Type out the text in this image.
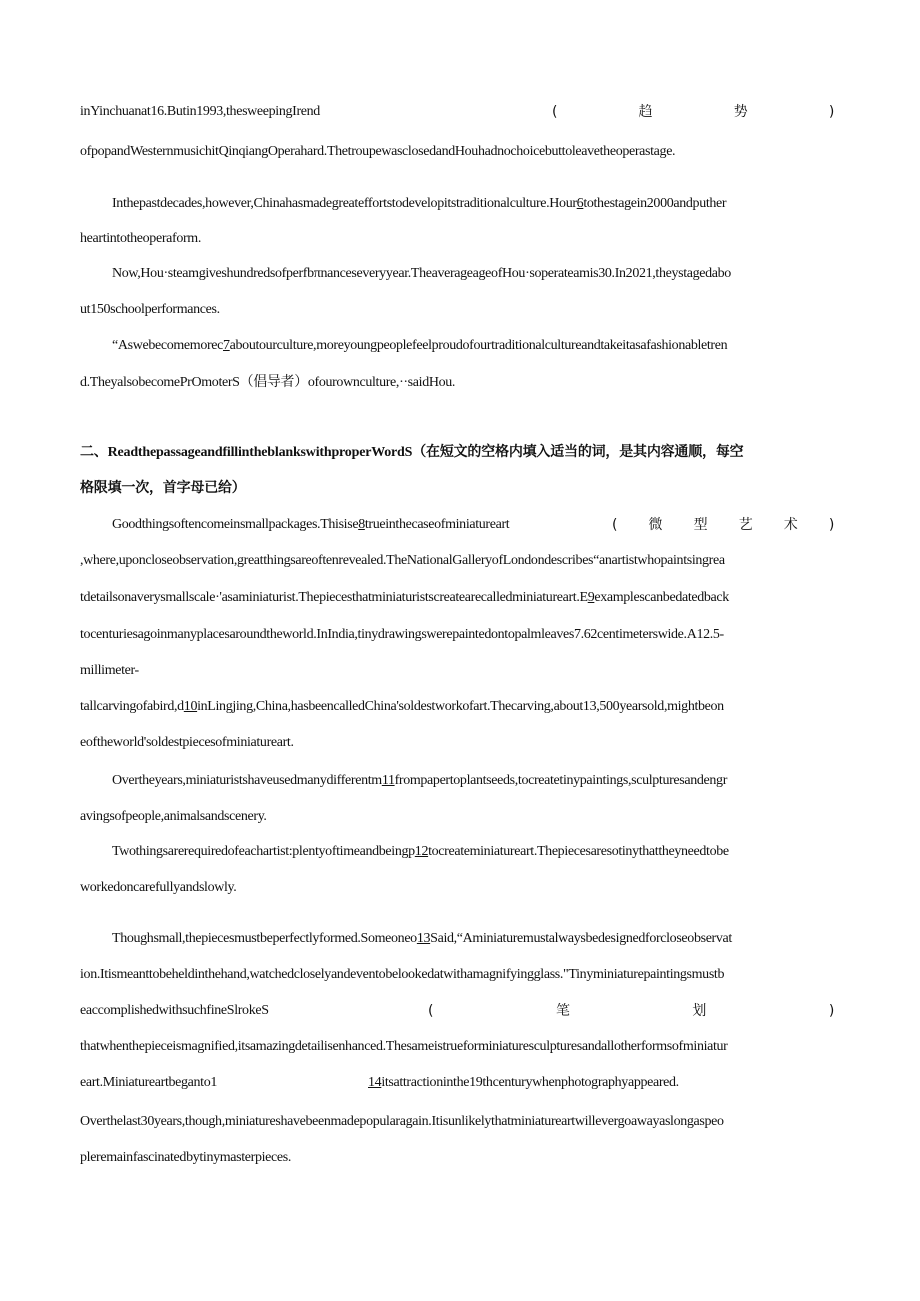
inYinchuanat16.Butin1993,thesweepingIrend	(	趋	势	)
ofpopandWesternmusichitQinqiangOperahard.ThetroupewasclosedandHouhadnochoicebuttoleavetheoperastage.
Inthepastdecades,however,Chinahasmadegreateffortstodevelopitstraditionalculture.Hour6tothestagein2000andputher
heartintotheoperaform.
Now,Hou·steamgiveshundredsofperfbπnanceseveryyear.TheaverageageofHou·soperateamis30.In2021,theystagedabo
ut150schoolperformances.
“Aswebecomemorec7aboutourculture,moreyoungpeoplefeelproudofourtraditionalcultureandtakeitasafashionabletren
d.TheyalsobecomePrOmoterS（倡导者）ofourownculture,··saidHou.
二、ReadthepassageandfillintheblankswithproperWordS（在短文的空格内填入适当的词，是其内容通顺，每空
格限填一次，首字母已给）
Goodthingsoftencomeinsmallpackages.Thisise8trueinthecaseofminiatureart	( 微 型 艺 术 )
,where,uponcloseobservation,greatthingsareoftenrevealed.TheNationalGalleryofLondondescribes“anartistwhopaintsingrea
tdetailsonaverysmallscale·'asaminiaturist.Thepiecesthatminiaturistscreatearecalledminiatureart.E9examplescanbedatedback
tocenturiesagoinmanyplacesaroundtheworld.InIndia,tinydrawingswerepaintedontopalmleaves7.62centimeterswide.A12.5-
millimeter-
tallcarvingofabird,d10inLingjing,China,hasbeencalledChina'soldestworkofart.Thecarving,about13,500yearsold,mightbeon
eoftheworld'soldestpiecesofminiatureart.
Overtheyears,miniaturistshaveusedmanydifferentm11frompapertoplantseeds,tocreatetinypaintings,sculpturesandengr
avingsofpeople,animalsandscenery.
Twothingsarerequiredofeachartist:plentyoftimeandbeingp12tocreateminiatureart.Thepiecesaresotinythattheyneedtobe
workedoncarefullyandslowly.
Thoughsmall,thepiecesmustbeperfectlyformed.Someoneo13Said,“Aminiaturemustalwaysbedesignedforcloseobservat
ion.Itismeanttobeheldinthehand,watchedcloselyandeventobelookedatwithamagnifyingglass."Tinyminiaturepaintingsmustb
eaccomplishedwithsuchfineSlrokeS	(	笔	划	)
thatwhenthepieceismagnified,itsamazingdetailisenhanced.Thesameistrueforminiaturesculpturesandallotherformsofminiatur
eart.Miniatureartbeganto1	14itsattractioninthe19thcenturywhenphotographyappeared.
Overthelast30years,though,miniatureshavebeenmadepopularagain.Itisunlikelythatminiatureartwillevergoawayaslongaspeo
pleremainfascinatedbytinymasterpieces.
